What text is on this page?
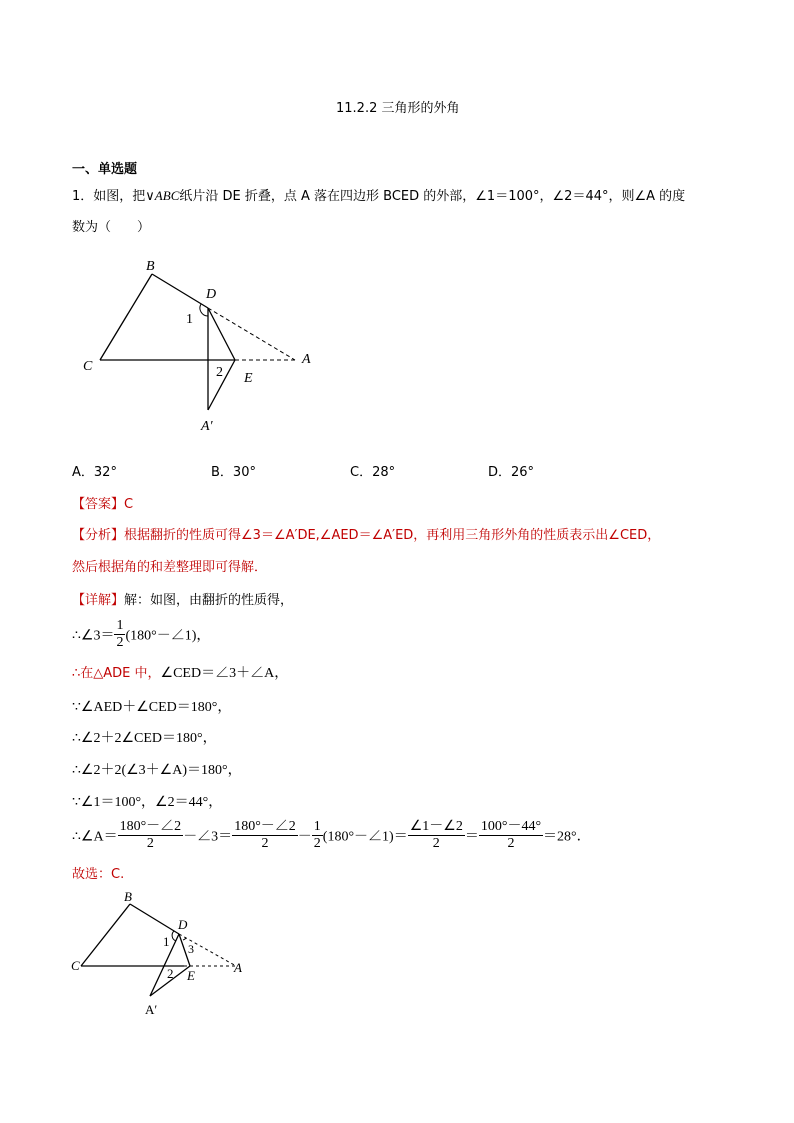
11.2.2 三角形的外角
一、单选题
1．如图，把∨ABC纸片沿 DE 折叠，点 A 落在四边形 BCED 的外部，∠1＝100°，∠2＝44°，则∠A 的度
数为（　　）
B
D
1
A
C	2 E
A′
A．32°	B．30°	C．28°	D．26°
【答案】C
【分析】根据翻折的性质可得∠3＝∠A′DE,∠AED＝∠A′ED，再利用三角形外角的性质表示出∠CED，
然后根据角的和差整理即可得解．
【详解】解：如图，由翻折的性质得，
∴∠3＝ $\frac{1}{2}$ (180°－∠1)，
∴在△ADE 中，∠CED＝∠3＋∠A，
∵∠AED＋∠CED＝180°，
∴∠2＋2∠CED＝180°，
∴∠2＋2(∠3＋∠A)＝180°，
∵∠1＝100°，∠2＝44°，
∴∠A＝ $\frac{180^\circ-\angle 2}{2}$ －∠3＝ $\frac{180^\circ-\angle 2}{2} - \frac{1}{2}$ (180°－∠1)＝ $\frac{\angle 1-\angle 2}{2} = \frac{100^\circ-44^\circ}{2} =28^\circ$．
故选：C.
B
D
1 3
C
2 E
A
A′
